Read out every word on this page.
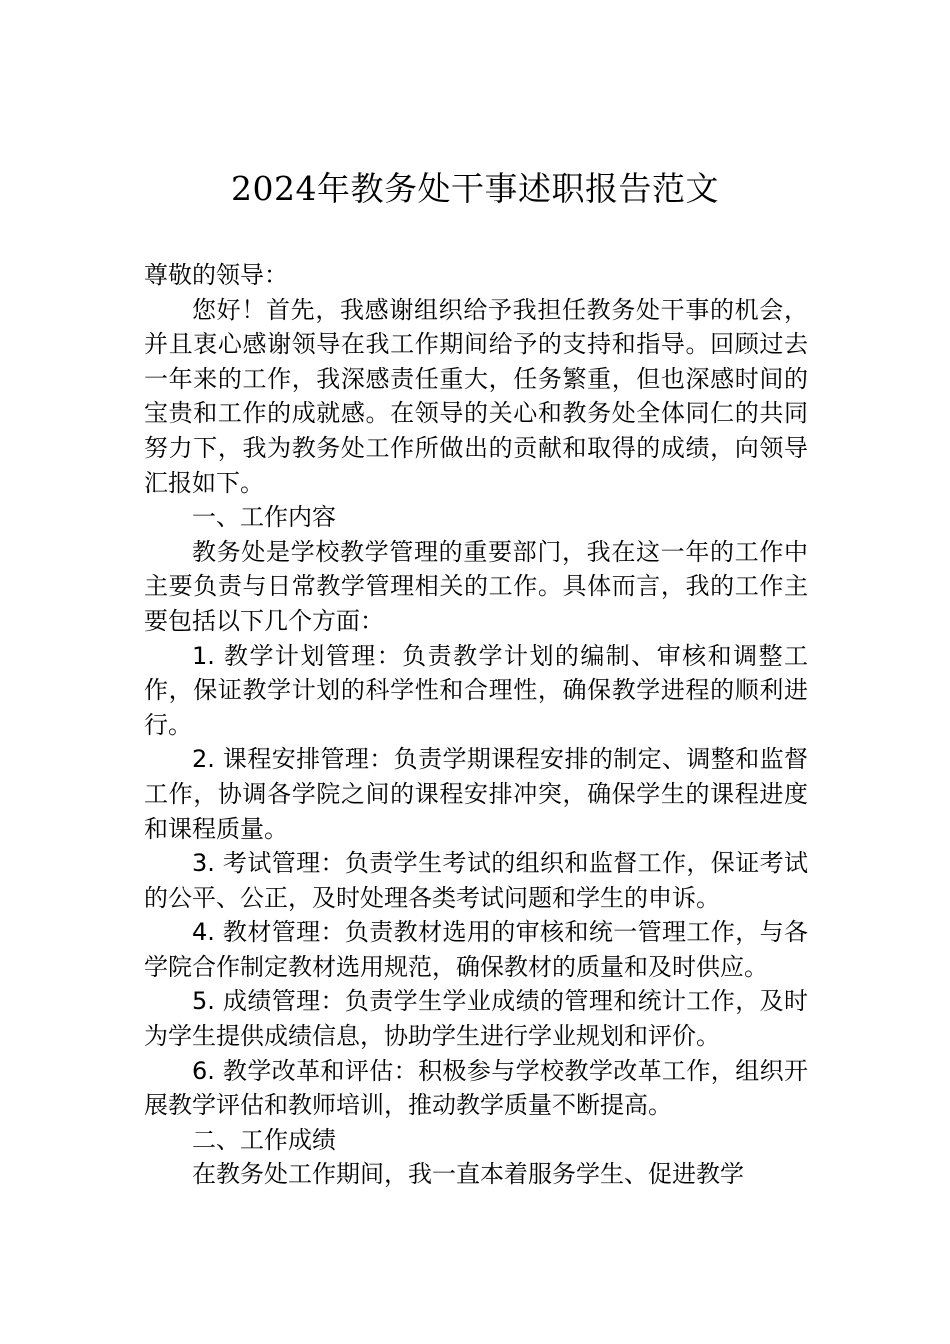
2024年教务处干事述职报告范文

尊敬的领导：

您好！首先，我感谢组织给予我担任教务处干事的机会，并且衷心感谢领导在我工作期间给予的支持和指导。回顾过去一年来的工作，我深感责任重大，任务繁重，但也深感时间的宝贵和工作的成就感。在领导的关心和教务处全体同仁的共同努力下，我为教务处工作所做出的贡献和取得的成绩，向领导汇报如下。

一、工作内容

教务处是学校教学管理的重要部门，我在这一年的工作中主要负责与日常教学管理相关的工作。具体而言，我的工作主要包括以下几个方面：

1. 教学计划管理：负责教学计划的编制、审核和调整工作，保证教学计划的科学性和合理性，确保教学进程的顺利进行。

2. 课程安排管理：负责学期课程安排的制定、调整和监督工作，协调各学院之间的课程安排冲突，确保学生的课程进度和课程质量。

3. 考试管理：负责学生考试的组织和监督工作，保证考试的公平、公正，及时处理各类考试问题和学生的申诉。

4. 教材管理：负责教材选用的审核和统一管理工作，与各学院合作制定教材选用规范，确保教材的质量和及时供应。

5. 成绩管理：负责学生学业成绩的管理和统计工作，及时为学生提供成绩信息，协助学生进行学业规划和评价。

6. 教学改革和评估：积极参与学校教学改革工作，组织开展教学评估和教师培训，推动教学质量不断提高。

二、工作成绩

在教务处工作期间，我一直本着服务学生、促进教学
